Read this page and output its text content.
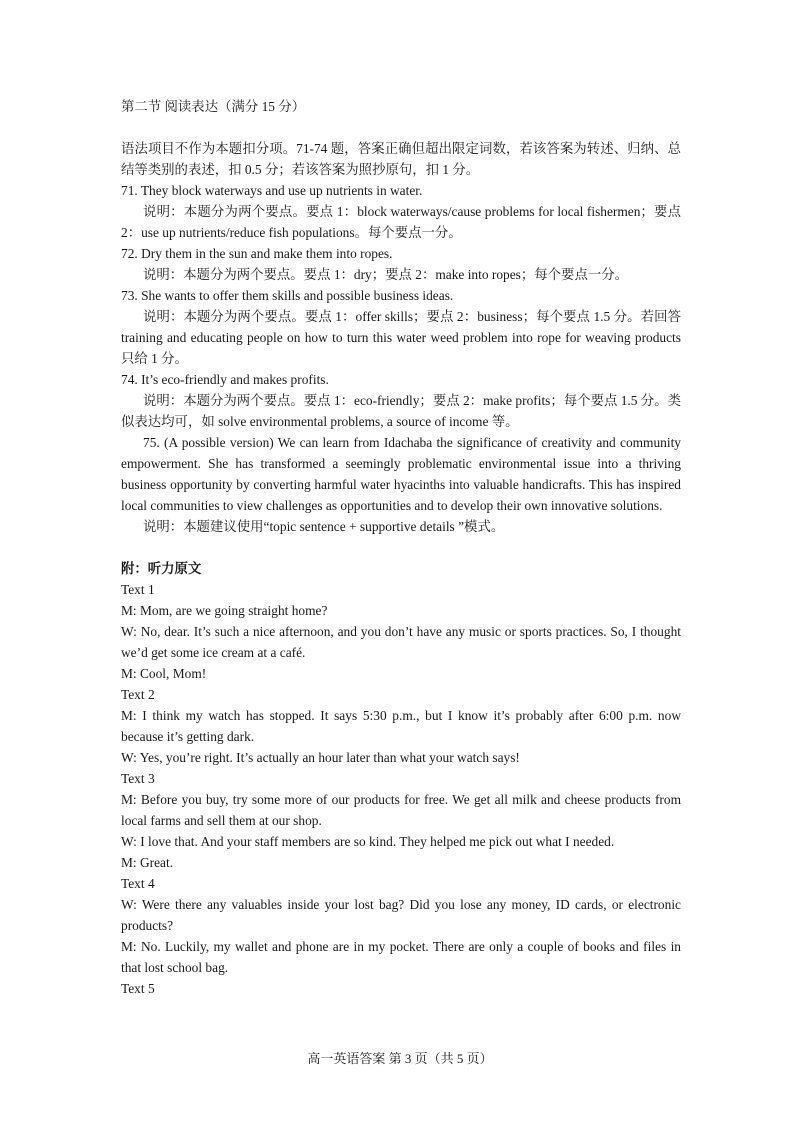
第二节 阅读表达（满分 15 分）

语法项目不作为本题扣分项。71-74 题，答案正确但超出限定词数，若该答案为转述、归纳、总结等类别的表述，扣 0.5 分；若该答案为照抄原句，扣 1 分。

71. They block waterways and use up nutrients in water.

说明：本题分为两个要点。要点 1：block waterways/cause problems for local fishermen；要点 2：use up nutrients/reduce fish populations。每个要点一分。

72. Dry them in the sun and make them into ropes.

说明：本题分为两个要点。要点 1：dry；要点 2：make into ropes；每个要点一分。

73. She wants to offer them skills and possible business ideas.

说明：本题分为两个要点。要点 1：offer skills；要点 2：business；每个要点 1.5 分。若回答 training and educating people on how to turn this water weed problem into rope for weaving products 只给 1 分。

74. It’s eco-friendly and makes profits.

说明：本题分为两个要点。要点 1：eco-friendly；要点 2：make profits；每个要点 1.5 分。类似表达均可，如 solve environmental problems, a source of income 等。

75. (A possible version) We can learn from Idachaba the significance of creativity and community empowerment. She has transformed a seemingly problematic environmental issue into a thriving business opportunity by converting harmful water hyacinths into valuable handicrafts. This has inspired local communities to view challenges as opportunities and to develop their own innovative solutions.

说明：本题建议使用“topic sentence + supportive details ”模式。

附：听力原文

Text 1

M: Mom, are we going straight home?

W: No, dear. It’s such a nice afternoon, and you don’t have any music or sports practices. So, I thought we’d get some ice cream at a café.

M: Cool, Mom!

Text 2

M: I think my watch has stopped. It says 5:30 p.m., but I know it’s probably after 6:00 p.m. now because it’s getting dark.

W: Yes, you’re right. It’s actually an hour later than what your watch says!

Text 3

M: Before you buy, try some more of our products for free. We get all milk and cheese products from local farms and sell them at our shop.

W: I love that. And your staff members are so kind. They helped me pick out what I needed.

M: Great.

Text 4

W: Were there any valuables inside your lost bag? Did you lose any money, ID cards, or electronic products?

M: No. Luckily, my wallet and phone are in my pocket. There are only a couple of books and files in that lost school bag.

Text 5

高一英语答案 第 3 页（共 5 页）
